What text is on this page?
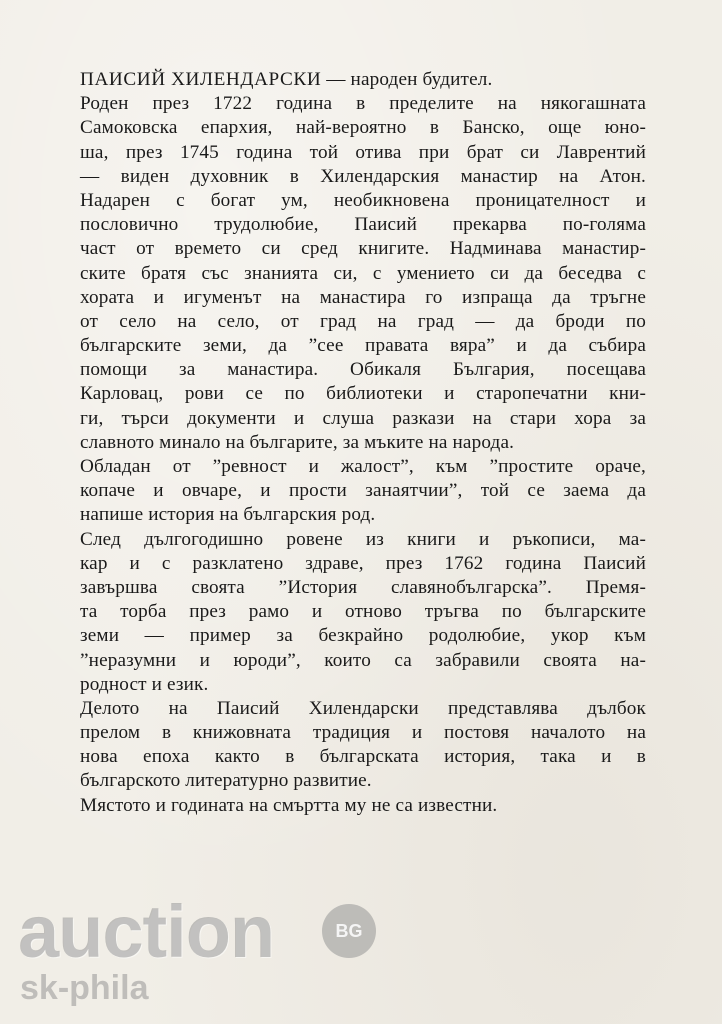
ПАИСИЙ ХИЛЕНДАРСКИ — народен будител.
Роден през 1722 година в пределите на някогашната
Самоковска епархия, най-вероятно в Банско, още юно-
ша, през 1745 година той отива при брат си Лаврентий
— виден духовник в Хилендарския манастир на Атон.
Надарен с богат ум, необикновена проницателност и
пословично трудолюбие, Паисий прекарва по-голяма
част от времето си сред книгите. Надминава манастир-
ските братя със знанията си, с умението си да беседва с
хората и игуменът на манастира го изпраща да тръгне
от село на село, от град на град — да броди по
българските земи, да ”сее правата вяра” и да събира
помощи за манастира. Обикаля България, посещава
Карловац, рови се по библиотеки и старопечатни кни-
ги, търси документи и слуша разкази на стари хора за
славното минало на българите, за мъките на народа.
Обладан от ”ревност и жалост”, към ”простите ораче,
копаче и овчаре, и прости занаятчии”, той се заема да
напише история на българския род.
След дългогодишно ровене из книги и ръкописи, ма-
кар и с разклатено здраве, през 1762 година Паисий
завършва своята ”История славянобългарска”. Премя-
та торба през рамо и отново тръгва по българските
земи — пример за безкрайно родолюбие, укор към
”неразумни и юроди”, които са забравили своята на-
родност и език.
Делото на Паисий Хилендарски представлява дълбок
прелом в книжовната традиция и постовя началото на
нова епоха както в българската история, така и в
българското литературно развитие.
Мястото и годината на смъртта му не са известни.
auction	BG
sk-phila
